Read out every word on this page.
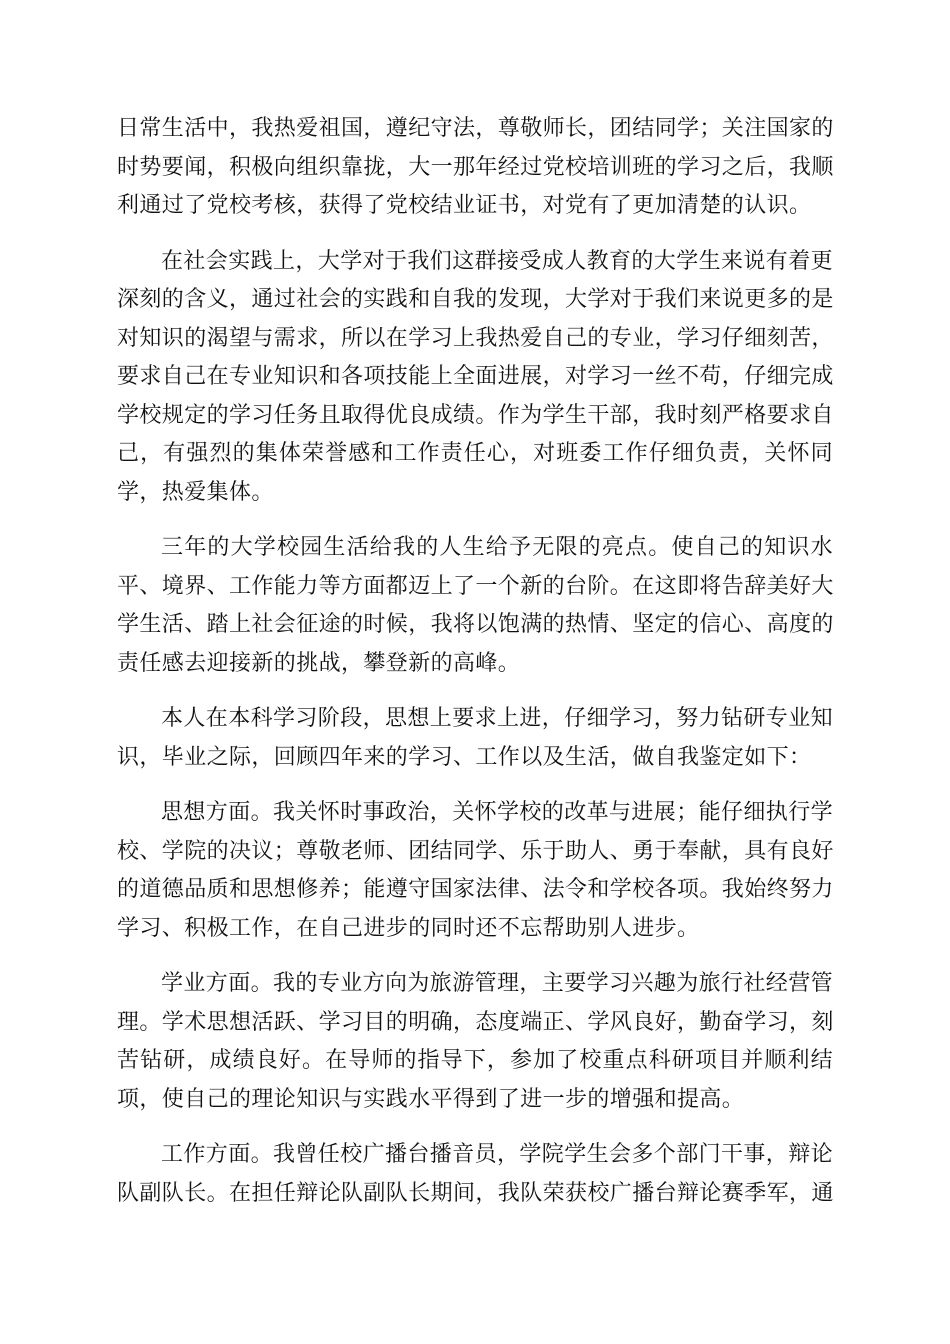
日常生活中，我热爱祖国，遵纪守法，尊敬师长，团结同学；关注国家的
时势要闻，积极向组织靠拢，大一那年经过党校培训班的学习之后，我顺
利通过了党校考核，获得了党校结业证书，对党有了更加清楚的认识。
在社会实践上，大学对于我们这群接受成人教育的大学生来说有着更
深刻的含义，通过社会的实践和自我的发现，大学对于我们来说更多的是
对知识的渴望与需求，所以在学习上我热爱自己的专业，学习仔细刻苦，
要求自己在专业知识和各项技能上全面进展，对学习一丝不苟，仔细完成
学校规定的学习任务且取得优良成绩。作为学生干部，我时刻严格要求自
己，有强烈的集体荣誉感和工作责任心，对班委工作仔细负责，关怀同
学，热爱集体。
三年的大学校园生活给我的人生给予无限的亮点。使自己的知识水
平、境界、工作能力等方面都迈上了一个新的台阶。在这即将告辞美好大
学生活、踏上社会征途的时候，我将以饱满的热情、坚定的信心、高度的
责任感去迎接新的挑战，攀登新的高峰。
本人在本科学习阶段，思想上要求上进，仔细学习，努力钻研专业知
识，毕业之际，回顾四年来的学习、工作以及生活，做自我鉴定如下：
思想方面。我关怀时事政治，关怀学校的改革与进展；能仔细执行学
校、学院的决议；尊敬老师、团结同学、乐于助人、勇于奉献，具有良好
的道德品质和思想修养；能遵守国家法律、法令和学校各项。我始终努力
学习、积极工作，在自己进步的同时还不忘帮助别人进步。
学业方面。我的专业方向为旅游管理，主要学习兴趣为旅行社经营管
理。学术思想活跃、学习目的明确，态度端正、学风良好，勤奋学习，刻
苦钻研，成绩良好。在导师的指导下，参加了校重点科研项目并顺利结
项，使自己的理论知识与实践水平得到了进一步的增强和提高。
工作方面。我曾任校广播台播音员，学院学生会多个部门干事，辩论
队副队长。在担任辩论队副队长期间，我队荣获校广播台辩论赛季军，通
